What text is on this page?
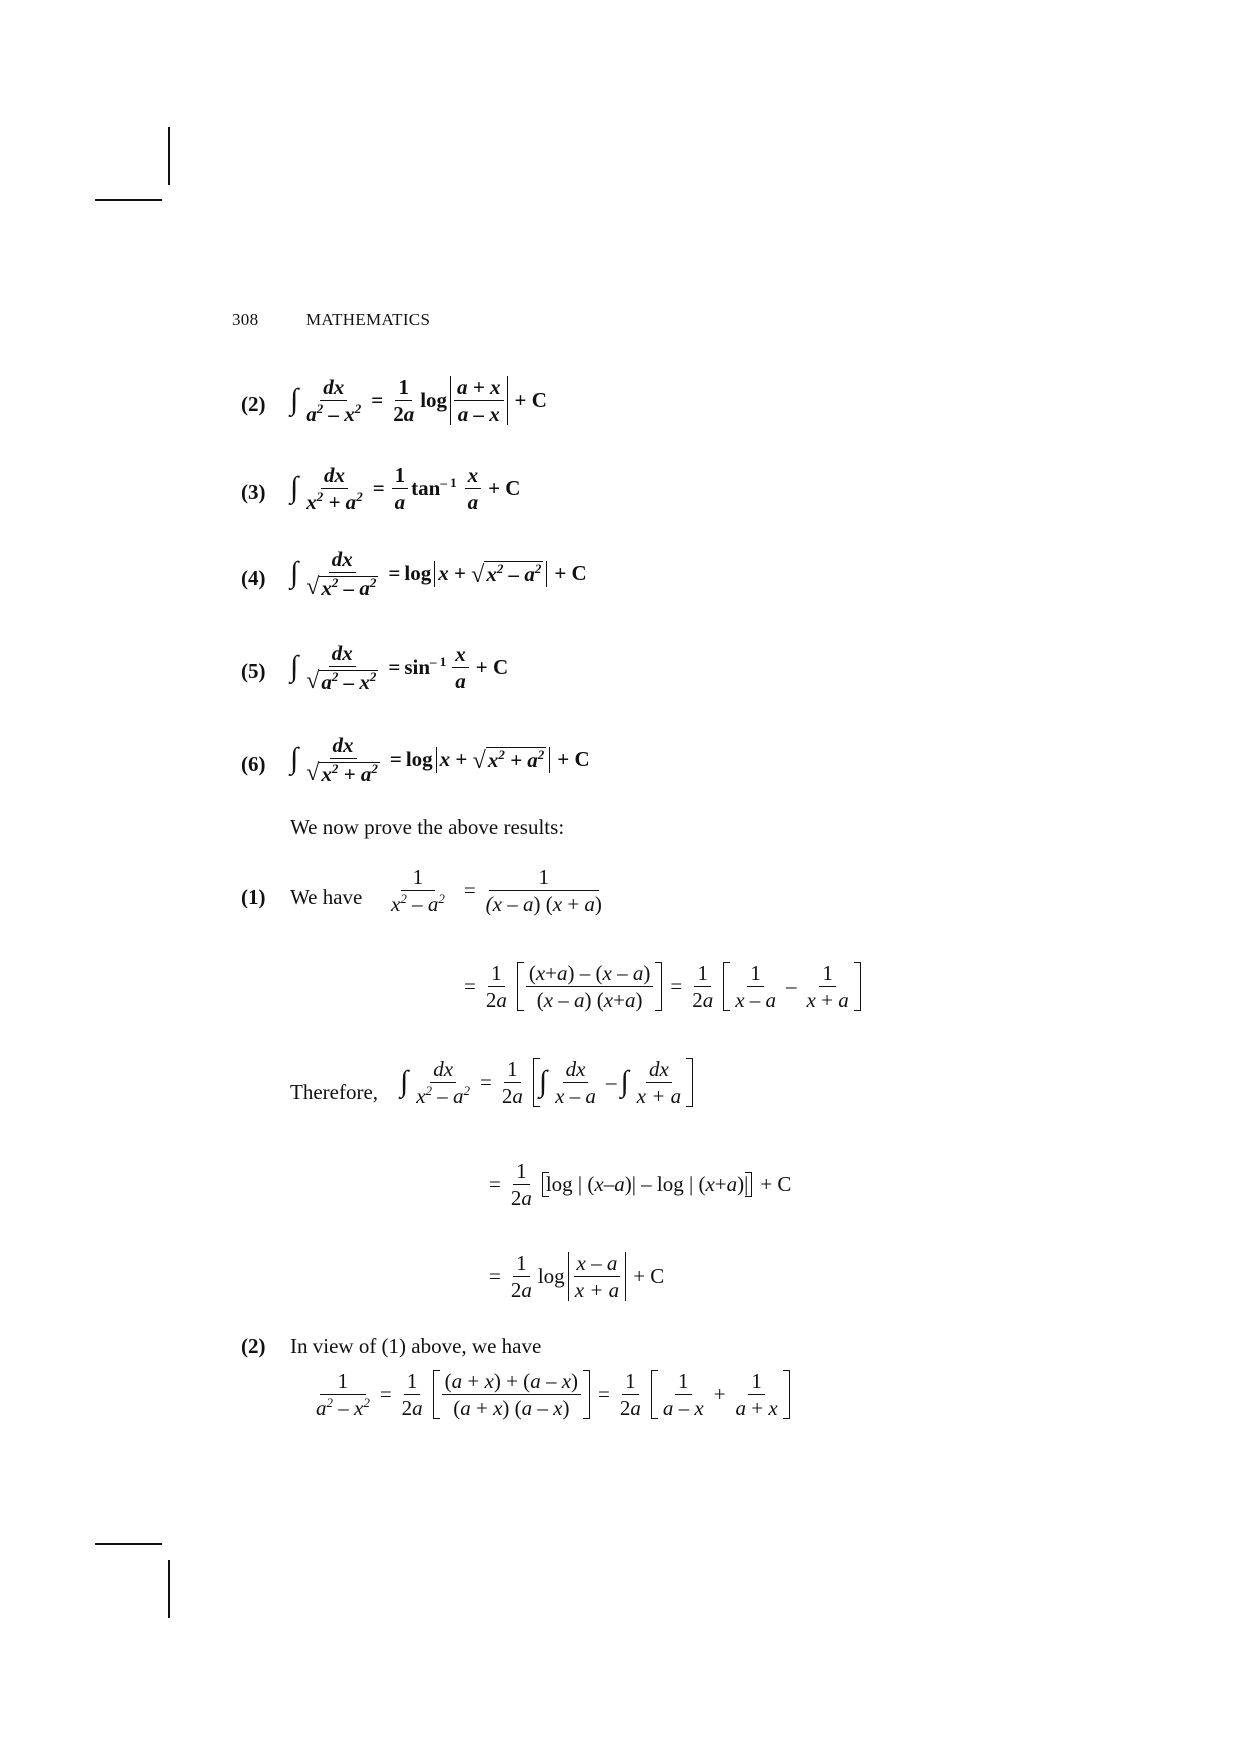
308	MATHEMATICS
(2) ∫ $\frac{dx}{a^2 - x^2} = \frac{1}{2a}$ $\log \frac{a + x}{a - x} + C$
(3) ∫ $\frac{dx}{x^2 + a^2} = \frac{1}{a} \tan^{- 1} \frac{x}{a} + C$
(4) ∫ $\frac{dx}{√ x^2 - a^2} = \log x$ + √ $x^2 - a^2 + C$
(5) ∫ $\frac{dx}{√ a^2 - x^2} = \sin^{- 1} \frac{x}{a} + C$
(6) ∫ $\frac{dx}{√ x^2 + a^2} = \log x$ + √ $x^2 + a^2 + C$
We now prove the above results:
(1) We have $\frac{1}{x^2 - a^2} = \frac{1}{(x - a) (x + a)}$
= $\frac{1}{2a} \frac{(x+a) - (x - a)}{(x - a) (x+a)} = \frac{1}{2a} \frac{1}{x - a} - \frac{1}{x + a}$
Therefore, ∫ $\frac{dx}{x^2 - a^2} = \frac{1}{2a}$ ∫ $\frac{dx}{x - a}$ – ∫ $\frac{dx}{x + a}$
= $\frac{1}{2a}$ log | ( x – a )| – log | ( x + a )| + C
= $\frac{1}{2a}$ $\log \frac{x - a}{x + a} + C$
(2) In view of (1) above, we have
$\frac{1}{a^2 - x^2} = \frac{1}{2a} \frac{(a + x) + (a - x)}{(a + x) (a - x)} = \frac{1}{2a} \frac{1}{a - x} + \frac{1}{a + x}$
